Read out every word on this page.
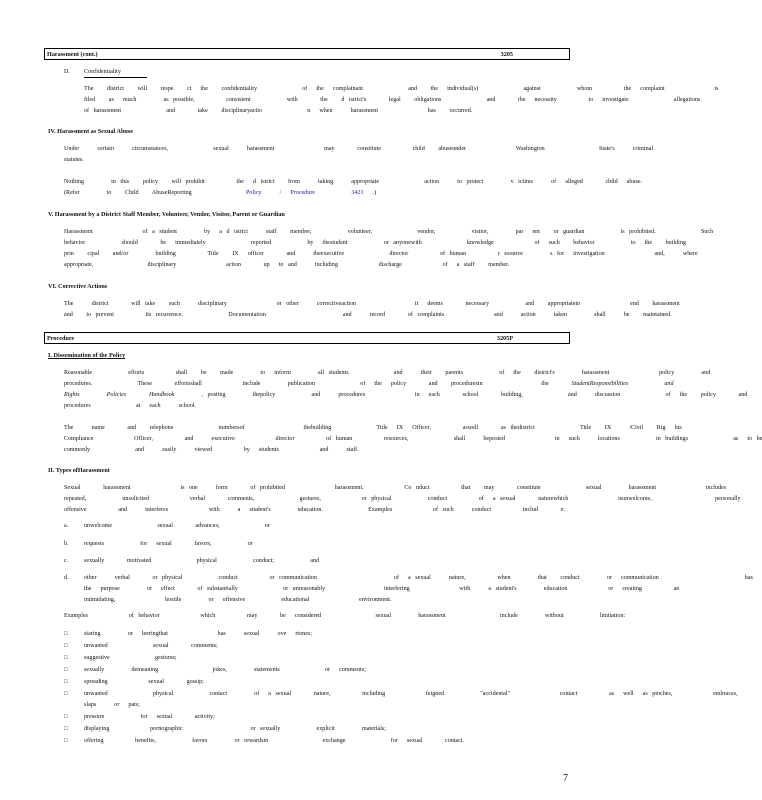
Harassment (cont.)	3205
D. Confidentiality
The   district   will   respe   ct  the   confidentiality          of  the  complainant          and   the  individual(s)          against        whom       the  complaint           is
filed   as  much      as possible,       consistent        with     the   d istrict's     legal   obligations          and     the  necessity       to  investigate          allegations
of harassment          and     take   disciplinaryactio          n  when    harassment           has   occurred.
IV. Harassment as Sexual Abuse
Under    certain    circumstances,          sexual    harassment           may     constitute       child   abuseunder           Washington            State's    criminal
statutes.
Nothing      in this   policy   will prohibit       the  d istrict   from    taking    appropriate          action    to protect      v ictims    of  alleged     child  abuse.
(Refer      to   Child   AbuseReporting            Policy    /  Procedure        3421  .)
V. Harassment by a District Staff Member, Volunteer, Vendor, Visitor, Parent or Guardian
Harassment           of a student      by  a d istrict    staff   member,        volunteer,          vendor,        visitor,      par  ent   or guardian        is prohibited.          Such
behavior        should     be  immediately          reported        by  thestudent        or anyonewith          knowledge         of  such   behavior        to  the   building
prin   cipal   and/or      building       Title   IX  officer     and    theexecutive          director       of human       r esource      s for  investigation           and,    where
appropriate,            disciplinary           action     up  to and    including         discharge         of  a staff   member.
VI. Corrective Actions
The    district     will take   such    disciplinary           or other    correctiveaction             it  deems     necessary        and   appropriateto           end   harassment
and   to prevent       its recurrence.          Documentation                 and    record     of complaints           and    action    taken      shall    be   maintained.
Procedure	3205P
I. Dissemination of the Policy
Reasonable        efforts       shall   be   made      to  inform      all students          and    their   parents        of  the   district's      harassment           policy      and
procedures.          These     effortsshall         include      publication          of  the  policy     and   proceduresin             the     StudentResponsibilities	and
Rights      Policies     Handbook      , posting      thepolicy        and    procedures           in  each     school     building,          and    discussion          of  the   policy     and
procedures          at  each    school.
The    name     and   telephone          numbersof             thebuilding          Title  IX  Officer,       aswell     as thedistrict          Title   IX    /Civil   Rig  hts
Compliance         Officer,       and    executive         director       of human       resources,          shall    beposted           in  such    locations        in buildings          as  to be
commonly          and    easily    viewed       by  students         and    staff.
II. Types ofHarassment
Sexual     harassment           is one    form     of prohibited           harassment.         Co nduct       that   may     constitute          sexual      harassment           includes
repeated,        unsolicited         verbal     comments,          gestures,         or physical        conduct       of  a sexual     naturewhich           isunwelcome,              personally
offensive       and    interferes         with    a  student's      education.          Examples         of such    conduct       includ     e:
a.	unwelcome          sexual     advances;          or
b.	requests        for  sexual     favors;        or
c.	sexually     motivated          physical        conduct;        and
d.	other    verbal     or physical        conduct       or communication                 of  a sexual    nature,       when      that   conduct      or  communication                   has
the  purpose      or  effect     of substantially          or unreasonably             interfering           with    a student's      education         or  creating       an
intimidating,           hostile      or  offensive        educational           environment.
Examples         of behavior         which       may     be  considered            sexual      harassment            include      without        limitation:
□	staring      or  leeringthat           has    sexual    ove  rtones;
□	unwanted          sexual     comments;
□	suggestive          gestures;
□	sexually      demeaning            jokes,      statements          or  comments;
□	spreading         sexual     gossip;
□	unwanted          physical        contact      of  a sexual     nature,       including         feigned        "accidental"           contact       as  well  as pinches,         embraces,
slaps    or  pats;
□	pressure        for  sexual     activity;
□	displaying         pornographic               or sexually        explicit      materials;
□	offering       benefits,        favors      or rewardsin            exchange          for  sexual     contact.
7
